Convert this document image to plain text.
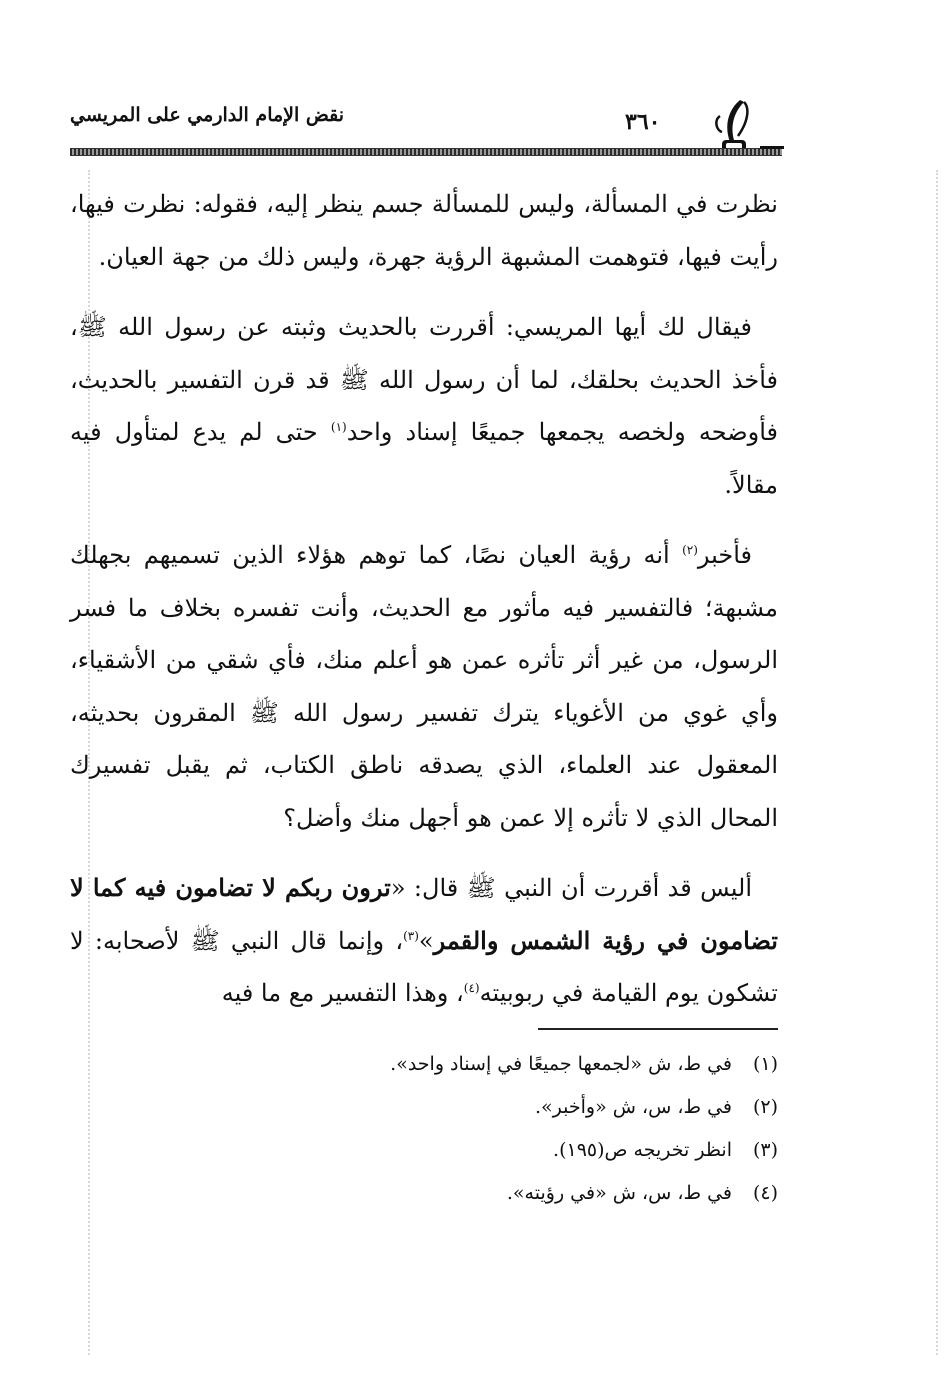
نقض الإمام الدارمي على المريسي	٣٦٠

نظرت في المسألة، وليس للمسألة جسم ينظر إليه، فقوله: نظرت فيها، رأيت فيها، فتوهمت المشبهة الرؤية جهرة، وليس ذلك من جهة العيان.

فيقال لك أيها المريسي: أقررت بالحديث وثبته عن رسول الله ﷺ، فأخذ الحديث بحلقك، لما أن رسول الله ﷺ قد قرن التفسير بالحديث، فأوضحه ولخصه يجمعها جميعًا إسناد واحد$^{(١)}$ حتى لم يدع لمتأول فيه مقالاً.

فأخبر$^{(٢)}$ أنه رؤية العيان نصًا، كما توهم هؤلاء الذين تسميهم بجهلك مشبهة؛ فالتفسير فيه مأثور مع الحديث، وأنت تفسره بخلاف ما فسر الرسول، من غير أثر تأثره عمن هو أعلم منك، فأي شقي من الأشقياء، وأي غوي من الأغوياء يترك تفسير رسول الله ﷺ المقرون بحديثه، المعقول عند العلماء، الذي يصدقه ناطق الكتاب، ثم يقبل تفسيرك المحال الذي لا تأثره إلا عمن هو أجهل منك وأضل؟

أليس قد أقررت أن النبي ﷺ قال: «ترون ربكم لا تضامون فيه كما لا تضامون في رؤية الشمس والقمر»$^{(٣)}$، وإنما قال النبي ﷺ لأصحابه: لا تشكون يوم القيامة في ربوبيته$^{(٤)}$، وهذا التفسير مع ما فيه

(١)في ط، ش «لجمعها جميعًا في إسناد واحد».
(٢)في ط، س، ش «وأخبر».
(٣)انظر تخريجه ص(١٩٥).
(٤)في ط، س، ش «في رؤيته».
